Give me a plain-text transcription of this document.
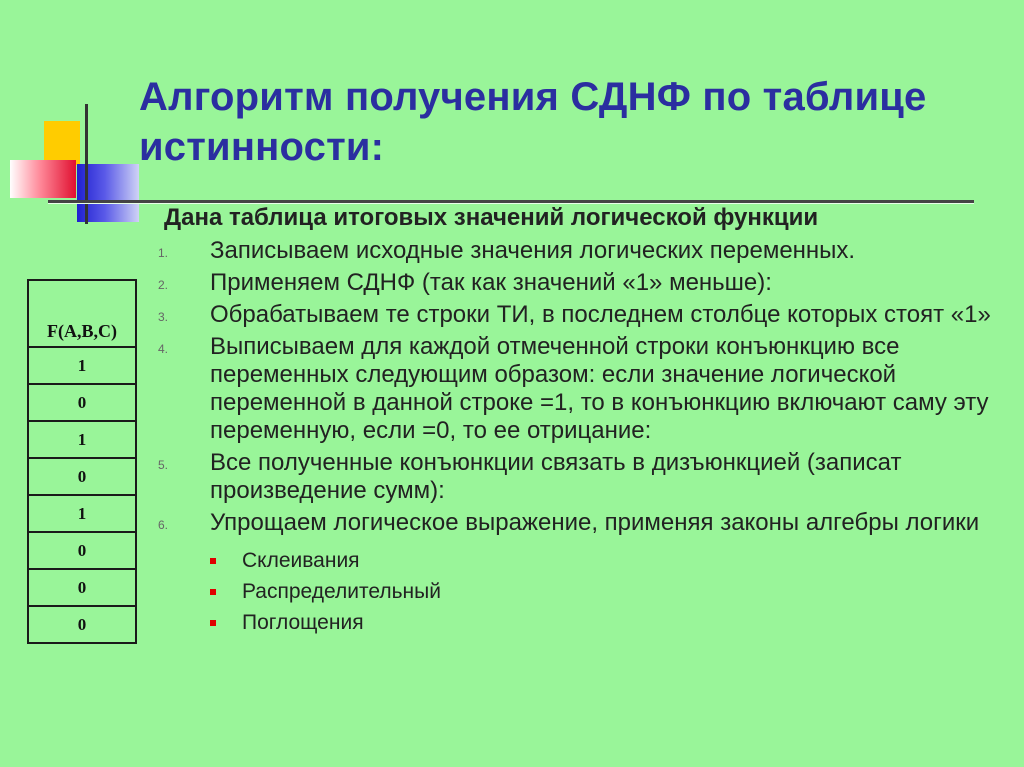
Алгоритм получения СДНФ по таблице истинности:
F(A,B,C)
1
0
1
0
1
0
0
0
Дана таблица итоговых значений логической функции
1.	Записываем исходные значения логических переменных.
2.	Применяем СДНФ (так как значений «1» меньше):
3.	Обрабатываем те строки ТИ, в последнем столбце которых стоят «1»
4.	Выписываем для каждой отмеченной строки конъюнкцию все переменных следующим образом: если значение логической переменной в данной строке =1, то в конъюнкцию включают саму эту переменную, если =0, то ее отрицание:
5.	Все полученные конъюнкции связать в дизъюнкцией (записат произведение сумм):
6.	Упрощаем логическое выражение, применяя законы алгебры логики
Склеивания
Распределительный
Поглощения
